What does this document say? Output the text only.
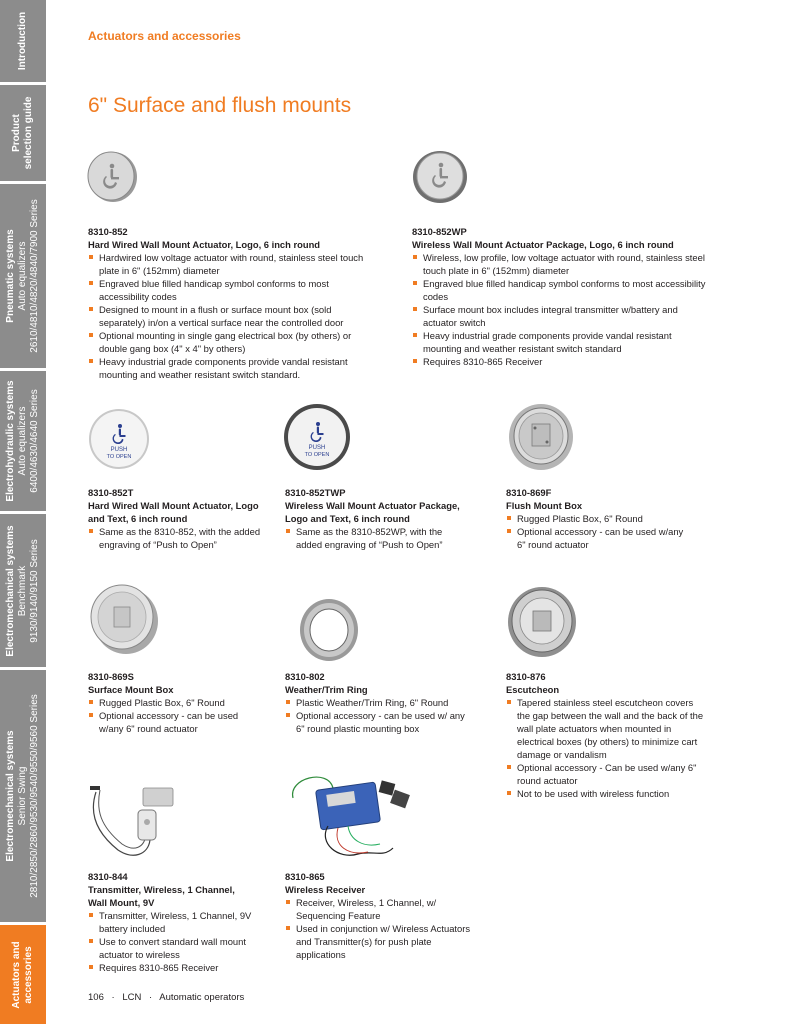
Introduction
Product selection guide
Pneumatic systems Auto equalizers 2610/4810/4820/4840/7900 Series
Electrohydraulic systems Auto equalizers 6400/4630/4640 Series
Electromechanical systems Benchmark 9130/9140/9150 Series
Electromechanical systems Senior Swing 2810/2850/2860/9530/9540/9550/9560 Series
Actuators and accessories
Actuators and accessories
6" Surface and flush mounts
PUSH
TO OPEN
PUSH
TO OPEN
8310-852
Hard Wired Wall Mount Actuator, Logo, 6 inch round
Hardwired low voltage actuator with round, stainless steel touch plate in 6" (152mm) diameter
Engraved blue filled handicap symbol conforms to most accessibility codes
Designed to mount in a flush or surface mount box (sold separately) in/on a vertical surface near the controlled door
Optional mounting in single gang electrical box (by others) or double gang box (4" x 4" by others)
Heavy industrial grade components provide vandal resistant mounting and weather resistant switch standard.
8310-852WP
Wireless Wall Mount Actuator Package, Logo, 6 inch round
Wireless, low profile, low voltage actuator with round, stainless steel touch plate in 6" (152mm) diameter
Engraved blue filled handicap symbol conforms to most accessibility codes
Surface mount box includes integral transmitter w/battery and actuator switch
Heavy industrial grade components provide vandal resistant mounting and weather resistant switch standard
Requires 8310-865 Receiver
8310-852T
Hard Wired Wall Mount Actuator, Logo and Text, 6 inch round
Same as the 8310-852, with the added engraving of “Push to Open”
8310-852TWP
Wireless Wall Mount Actuator Package, Logo and Text, 6 inch round
Same as the 8310-852WP, with the added engraving of “Push to Open”
8310-869F
Flush Mount Box
Rugged Plastic Box, 6" Round
Optional accessory - can be used w/any 6" round actuator
8310-869S
Surface Mount Box
Rugged Plastic Box, 6" Round
Optional accessory - can be used w/any 6" round actuator
8310-802
Weather/Trim Ring
Plastic Weather/Trim Ring, 6" Round
Optional accessory - can be used w/ any 6" round plastic mounting box
8310-876
Escutcheon
Tapered stainless steel escutcheon covers the gap between the wall and the back of the wall plate actuators when mounted in electrical boxes (by others) to minimize cart damage or vandalism
Optional accessory - Can be used w/any 6" round actuator
Not to be used with wireless function
8310-844
Transmitter, Wireless, 1 Channel, Wall Mount, 9V
Transmitter, Wireless, 1 Channel, 9V battery included
Use to convert standard wall mount actuator to wireless
Requires 8310-865 Receiver
8310-865
Wireless Receiver
Receiver, Wireless, 1 Channel, w/ Sequencing Feature
Used in conjunction w/ Wireless Actuators and Transmitter(s) for push plate applications
106 · LCN · Automatic operators
